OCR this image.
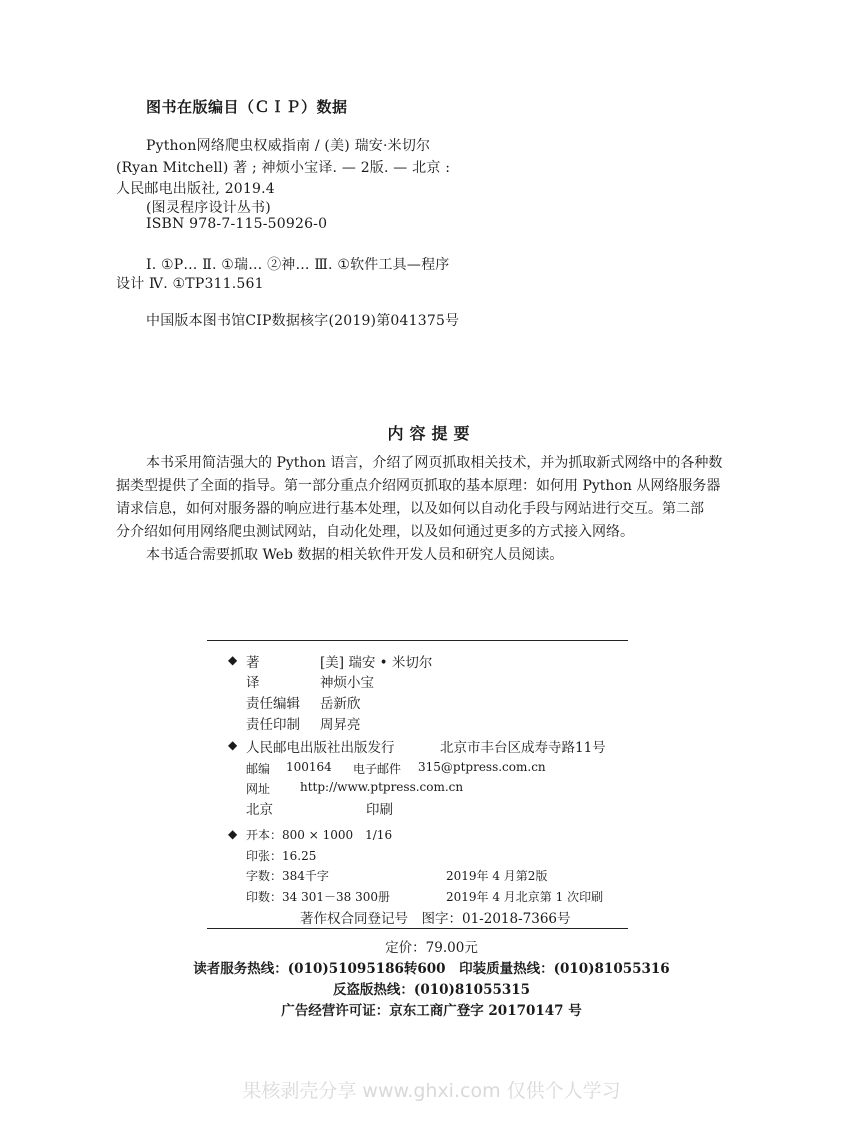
图书在版编目（ＣＩＰ）数据
Python网络爬虫权威指南 / (美) 瑞安·米切尔
(Ryan Mitchell) 著 ; 神烦小宝译. — 2版. — 北京 :
人民邮电出版社, 2019.4
(图灵程序设计丛书)
ISBN 978-7-115-50926-0
Ⅰ. ①P… Ⅱ. ①瑞… ②神… Ⅲ. ①软件工具—程序
设计 Ⅳ. ①TP311.561
中国版本图书馆CIP数据核字(2019)第041375号
内容提要
本书采用简洁强大的 Python 语言，介绍了网页抓取相关技术，并为抓取新式网络中的各种数
据类型提供了全面的指导。第一部分重点介绍网页抓取的基本原理：如何用 Python 从网络服务器
请求信息，如何对服务器的响应进行基本处理，以及如何以自动化手段与网站进行交互。第二部
分介绍如何用网络爬虫测试网站，自动化处理，以及如何通过更多的方式接入网络。
本书适合需要抓取 Web 数据的相关软件开发人员和研究人员阅读。
◆ 著	[美] 瑞安 • 米切尔
译	神烦小宝
责任编辑 岳新欣
责任印制 周昇亮
◆ 人民邮电出版社出版发行	北京市丰台区成寿寺路11号
邮编 100164 电子邮件 315@ptpress.com.cn
网址 http://www.ptpress.com.cn
北京	印刷
◆ 开本：800 × 1000　1/16
印张：16.25
字数：384千字	2019年 4 月第2版
印数：34 301－38 300册	2019年 4 月北京第 1 次印刷
著作权合同登记号　图字：01-2018-7366号
定价：79.00元
读者服务热线：(010)51095186转600　印装质量热线：(010)81055316
反盗版热线：(010)81055315
广告经营许可证：京东工商广登字 20170147 号
果核剥壳分享 www.ghxi.com 仅供个人学习
